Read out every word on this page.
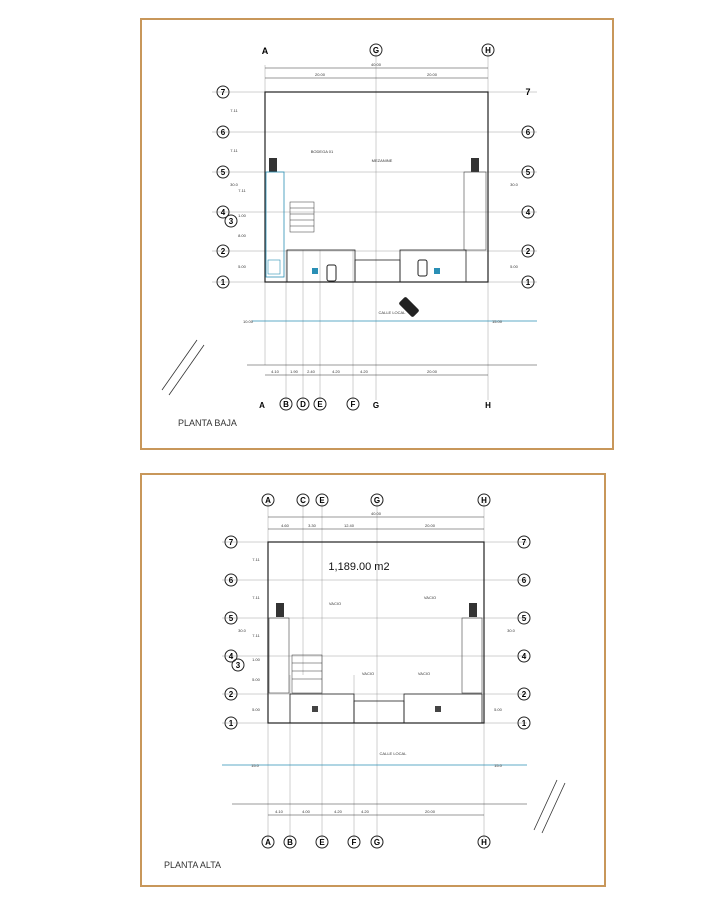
A	G	H
A B D E	F G	H
7
6
5
4
3
2
1
7
6
5
4
2
1
40.00
20.00	20.00
4.10	1.90 2.40	4.20	4.20	20.00
7.11
7.11
30.0
7.11
1.00
8.00
5.00
30.0
5.00
10.00	15.00
BODEGA 01
MEZANINE
CALLE LOCAL
PLANTA BAJA
A	C E	G	H
A B	E	F G	H
7
6
5
4
3
2
1
7
6
5
4
2
1
1,189.00 m2
40.00
4.60	3.30	12.40	20.00
4.10	4.00	4.20	4.20	20.00
7.11
7.11
30.0
7.11
1.00
5.00
5.00
30.0
5.00
15.0	15.0
VACIO
VACIO
VACIO	VACIO
CALLE LOCAL
PLANTA ALTA
